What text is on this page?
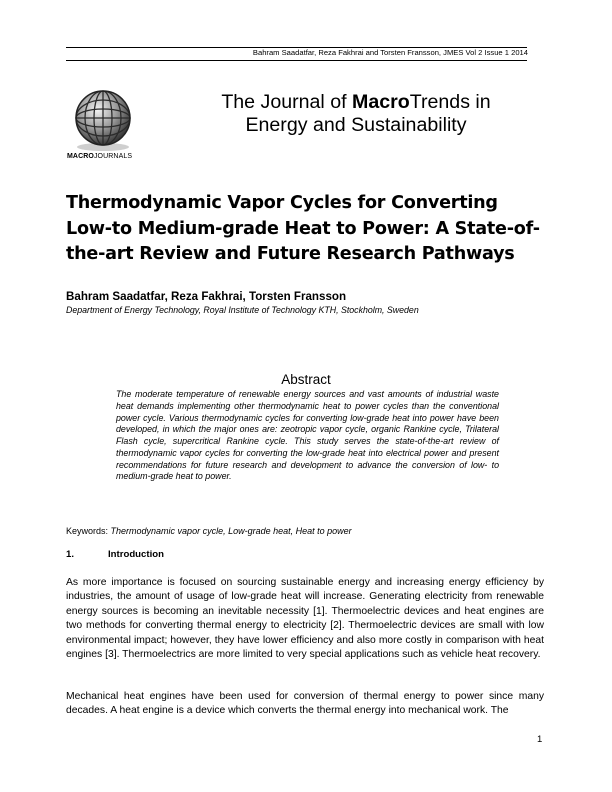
Bahram Saadatfar, Reza Fakhrai and Torsten Fransson, JMES Vol 2 Issue 1 2014
MACROJOURNALS
The Journal of MacroTrends in
Energy and Sustainability
Thermodynamic Vapor Cycles for Converting Low-to Medium-grade Heat to Power: A State-of-the-art Review and Future Research Pathways
Bahram Saadatfar, Reza Fakhrai, Torsten Fransson
Department of Energy Technology, Royal Institute of Technology KTH, Stockholm, Sweden
Abstract
The moderate temperature of renewable energy sources and vast amounts of industrial waste heat demands implementing other thermodynamic heat to power cycles than the conventional power cycle. Various thermodynamic cycles for converting low-grade heat into power have been developed, in which the major ones are: zeotropic vapor cycle, organic Rankine cycle, Trilateral Flash cycle, supercritical Rankine cycle. This study serves the state-of-the-art review of thermodynamic vapor cycles for converting the low-grade heat into electrical power and present recommendations for future research and development to advance the conversion of low- to medium-grade heat to power.
Keywords: Thermodynamic vapor cycle, Low-grade heat, Heat to power
1.	Introduction
As more importance is focused on sourcing sustainable energy and increasing energy efficiency by industries, the amount of usage of low-grade heat will increase. Generating electricity from renewable energy sources is becoming an inevitable necessity [1]. Thermoelectric devices and heat engines are two methods for converting thermal energy to electricity [2]. Thermoelectric devices are small with low environmental impact; however, they have lower efficiency and also more costly in comparison with heat engines [3]. Thermoelectrics are more limited to very special applications such as vehicle heat recovery.
Mechanical heat engines have been used for conversion of thermal energy to power since many decades. A heat engine is a device which converts the thermal energy into mechanical work. The
1
